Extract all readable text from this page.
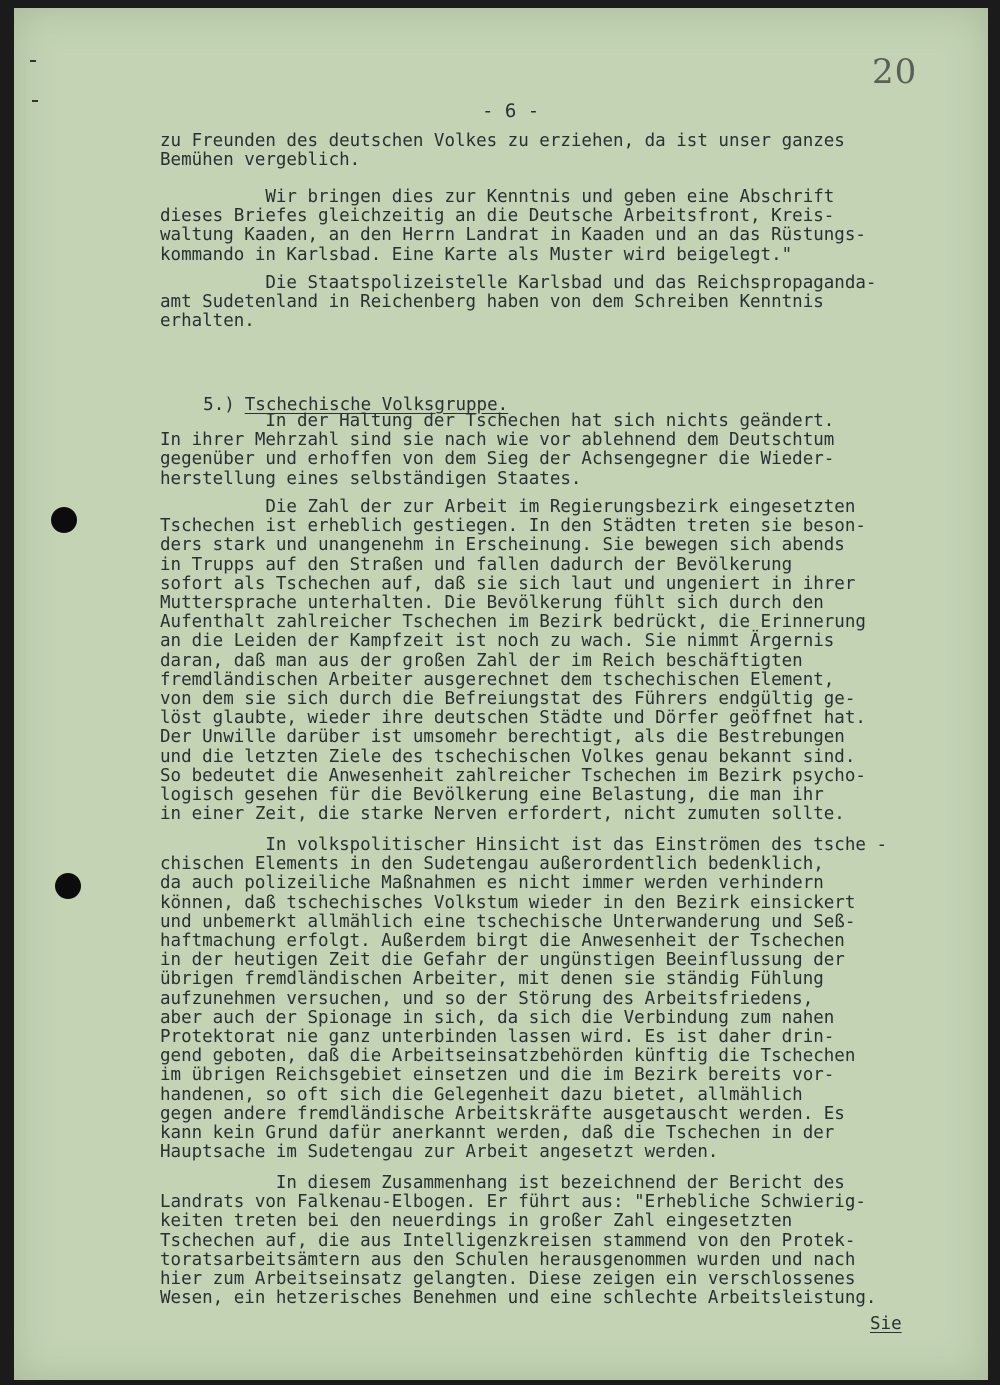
20
- 6 -

zu Freunden des deutschen Volkes zu erziehen, da ist unser ganzes
Bemühen vergeblich.

Wir bringen dies zur Kenntnis und geben eine Abschrift
dieses Briefes gleichzeitig an die Deutsche Arbeitsfront, Kreis-
waltung Kaaden, an den Herrn Landrat in Kaaden und an das Rüstungs-
kommando in Karlsbad. Eine Karte als Muster wird beigelegt."

Die Staatspolizeistelle Karlsbad und das Reichspropaganda-
amt Sudetenland in Reichenberg haben von dem Schreiben Kenntnis
erhalten.

5.) Tschechische Volksgruppe.

In der Haltung der Tschechen hat sich nichts geändert.
In ihrer Mehrzahl sind sie nach wie vor ablehnend dem Deutschtum
gegenüber und erhoffen von dem Sieg der Achsengegner die Wieder-
herstellung eines selbständigen Staates.

Die Zahl der zur Arbeit im Regierungsbezirk eingesetzten
Tschechen ist erheblich gestiegen. In den Städten treten sie beson-
ders stark und unangenehm in Erscheinung. Sie bewegen sich abends
in Trupps auf den Straßen und fallen dadurch der Bevölkerung
sofort als Tschechen auf, daß sie sich laut und ungeniert in ihrer
Muttersprache unterhalten. Die Bevölkerung fühlt sich durch den
Aufenthalt zahlreicher Tschechen im Bezirk bedrückt, die Erinnerung
an die Leiden der Kampfzeit ist noch zu wach. Sie nimmt Ärgernis
daran, daß man aus der großen Zahl der im Reich beschäftigten
fremdländischen Arbeiter ausgerechnet dem tschechischen Element,
von dem sie sich durch die Befreiungstat des Führers endgültig ge-
löst glaubte, wieder ihre deutschen Städte und Dörfer geöffnet hat.
Der Unwille darüber ist umsomehr berechtigt, als die Bestrebungen
und die letzten Ziele des tschechischen Volkes genau bekannt sind.
So bedeutet die Anwesenheit zahlreicher Tschechen im Bezirk psycho-
logisch gesehen für die Bevölkerung eine Belastung, die man ihr
in einer Zeit, die starke Nerven erfordert, nicht zumuten sollte.

In volkspolitischer Hinsicht ist das Einströmen des tsche -
chischen Elements in den Sudetengau außerordentlich bedenklich,
da auch polizeiliche Maßnahmen es nicht immer werden verhindern
können, daß tschechisches Volkstum wieder in den Bezirk einsickert
und unbemerkt allmählich eine tschechische Unterwanderung und Seß-
haftmachung erfolgt. Außerdem birgt die Anwesenheit der Tschechen
in der heutigen Zeit die Gefahr der ungünstigen Beeinflussung der
übrigen fremdländischen Arbeiter, mit denen sie ständig Fühlung
aufzunehmen versuchen, und so der Störung des Arbeitsfriedens,
aber auch der Spionage in sich, da sich die Verbindung zum nahen
Protektorat nie ganz unterbinden lassen wird. Es ist daher drin-
gend geboten, daß die Arbeitseinsatzbehörden künftig die Tschechen
im übrigen Reichsgebiet einsetzen und die im Bezirk bereits vor-
handenen, so oft sich die Gelegenheit dazu bietet, allmählich
gegen andere fremdländische Arbeitskräfte ausgetauscht werden. Es
kann kein Grund dafür anerkannt werden, daß die Tschechen in der
Hauptsache im Sudetengau zur Arbeit angesetzt werden.

In diesem Zusammenhang ist bezeichnend der Bericht des
Landrats von Falkenau-Elbogen. Er führt aus: "Erhebliche Schwierig-
keiten treten bei den neuerdings in großer Zahl eingesetzten
Tschechen auf, die aus Intelligenzkreisen stammend von den Protek-
toratsarbeitsämtern aus den Schulen herausgenommen wurden und nach
hier zum Arbeitseinsatz gelangten. Diese zeigen ein verschlossenes
Wesen, ein hetzerisches Benehmen und eine schlechte Arbeitsleistung.

Sie
